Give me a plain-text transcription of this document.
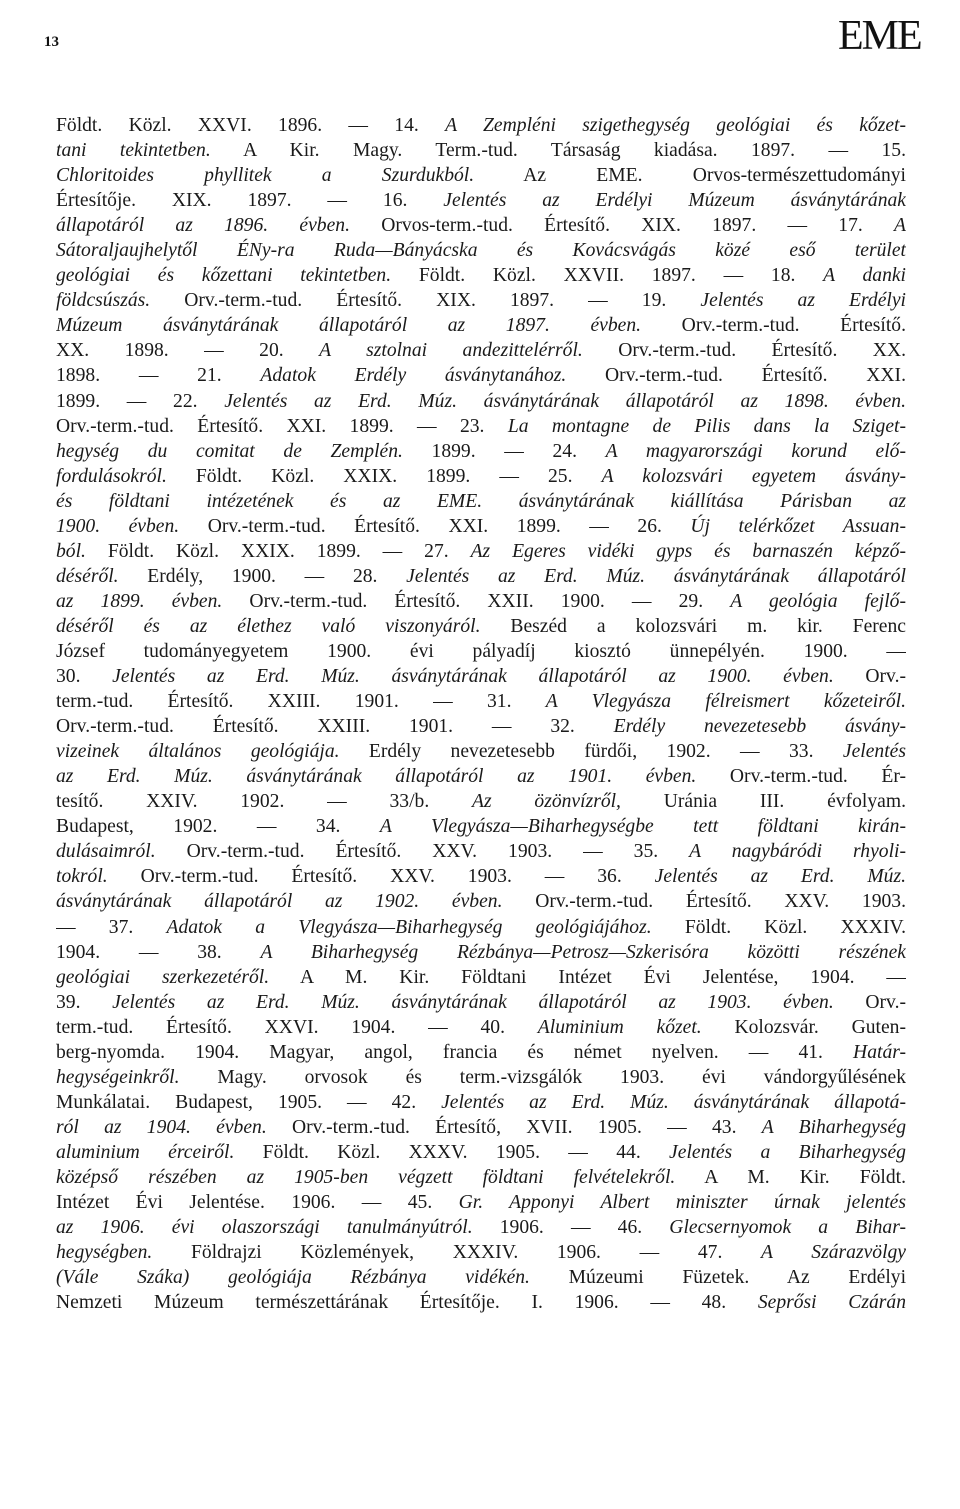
EME
13
Földt. Közl. XXVI. 1896. — 14. A Zempléni szigethegység geológiai és kőzet-
tani tekintetben. A Kir. Magy. Term.-tud. Társaság kiadása. 1897. — 15.
Chloritoides phyllitek a Szurdukból. Az EME. Orvos-természettudományi
Értesítője. XIX. 1897. — 16. Jelentés az Erdélyi Múzeum ásványtárának
állapotáról az 1896. évben. Orvos-term.-tud. Értesítő. XIX. 1897. — 17. A
Sátoraljaujhelytől ÉNy-ra Ruda—Bányácska és Kovácsvágás közé eső terület
geológiai és kőzettani tekintetben. Földt. Közl. XXVII. 1897. — 18. A danki
földcsúszás. Orv.-term.-tud. Értesítő. XIX. 1897. — 19. Jelentés az Erdélyi
Múzeum ásványtárának állapotáról az 1897. évben. Orv.-term.-tud. Értesítő.
XX. 1898. — 20. A sztolnai andezittelérről. Orv.-term.-tud. Értesítő. XX.
1898. — 21. Adatok Erdély ásványtanához. Orv.-term.-tud. Értesítő. XXI.
1899. — 22. Jelentés az Erd. Múz. ásványtárának állapotáról az 1898. évben.
Orv.-term.-tud. Értesítő. XXI. 1899. — 23. La montagne de Pilis dans la Sziget-
hegység du comitat de Zemplén. 1899. — 24. A magyarországi korund elő-
fordulásokról. Földt. Közl. XXIX. 1899. — 25. A kolozsvári egyetem ásvány-
és földtani intézetének és az EME. ásványtárának kiállítása Párisban az
1900. évben. Orv.-term.-tud. Értesítő. XXI. 1899. — 26. Új telérkőzet Assuan-
ból. Földt. Közl. XXIX. 1899. — 27. Az Egeres vidéki gyps és barnaszén képző-
déséről. Erdély, 1900. — 28. Jelentés az Erd. Múz. ásványtárának állapotáról
az 1899. évben. Orv.-term.-tud. Értesítő. XXII. 1900. — 29. A geológia fejlő-
déséről és az élethez való viszonyáról. Beszéd a kolozsvári m. kir. Ferenc
József tudományegyetem 1900. évi pályadíj kiosztó ünnepélyén. 1900. —
30. Jelentés az Erd. Múz. ásványtárának állapotáról az 1900. évben. Orv.-
term.-tud. Értesítő. XXIII. 1901. — 31. A Vlegyásza félreismert kőzeteiről.
Orv.-term.-tud. Értesítő. XXIII. 1901. — 32. Erdély nevezetesebb ásvány-
vizeinek általános geológiája. Erdély nevezetesebb fürdői, 1902. — 33. Jelentés
az Erd. Múz. ásványtárának állapotáról az 1901. évben. Orv.-term.-tud. Ér-
tesítő. XXIV. 1902. — 33/b. Az özönvízről, Uránia III. évfolyam.
Budapest, 1902. — 34. A Vlegyásza—Biharhegységbe tett földtani kirán-
dulásaimról. Orv.-term.-tud. Értesítő. XXV. 1903. — 35. A nagybáródi rhyoli-
tokról. Orv.-term.-tud. Értesítő. XXV. 1903. — 36. Jelentés az Erd. Múz.
ásványtárának állapotáról az 1902. évben. Orv.-term.-tud. Értesítő. XXV. 1903.
— 37. Adatok a Vlegyásza—Biharhegység geológiájához. Földt. Közl. XXXIV.
1904. — 38. A Biharhegység Rézbánya—Petrosz—Szkerisóra közötti részének
geológiai szerkezetéről. A M. Kir. Földtani Intézet Évi Jelentése, 1904. —
39. Jelentés az Erd. Múz. ásványtárának állapotáról az 1903. évben. Orv.-
term.-tud. Értesítő. XXVI. 1904. — 40. Aluminium kőzet. Kolozsvár. Guten-
berg-nyomda. 1904. Magyar, angol, francia és német nyelven. — 41. Határ-
hegységeinkről. Magy. orvosok és term.-vizsgálók 1903. évi vándorgyűlésének
Munkálatai. Budapest, 1905. — 42. Jelentés az Erd. Múz. ásványtárának állapotá-
ról az 1904. évben. Orv.-term.-tud. Értesítő, XVII. 1905. — 43. A Biharhegység
aluminium érceiről. Földt. Közl. XXXV. 1905. — 44. Jelentés a Biharhegység
középső részében az 1905-ben végzett földtani felvételekről. A M. Kir. Földt.
Intézet Évi Jelentése. 1906. — 45. Gr. Apponyi Albert miniszter úrnak jelentés
az 1906. évi olaszországi tanulmányútról. 1906. — 46. Glecsernyomok a Bihar-
hegységben. Földrajzi Közlemények, XXXIV. 1906. — 47. A Szárazvölgy
(Vále Száka) geológiája Rézbánya vidékén. Múzeumi Füzetek. Az Erdélyi
Nemzeti Múzeum természettárának Értesítője. I. 1906. — 48. Seprősi Czárán
